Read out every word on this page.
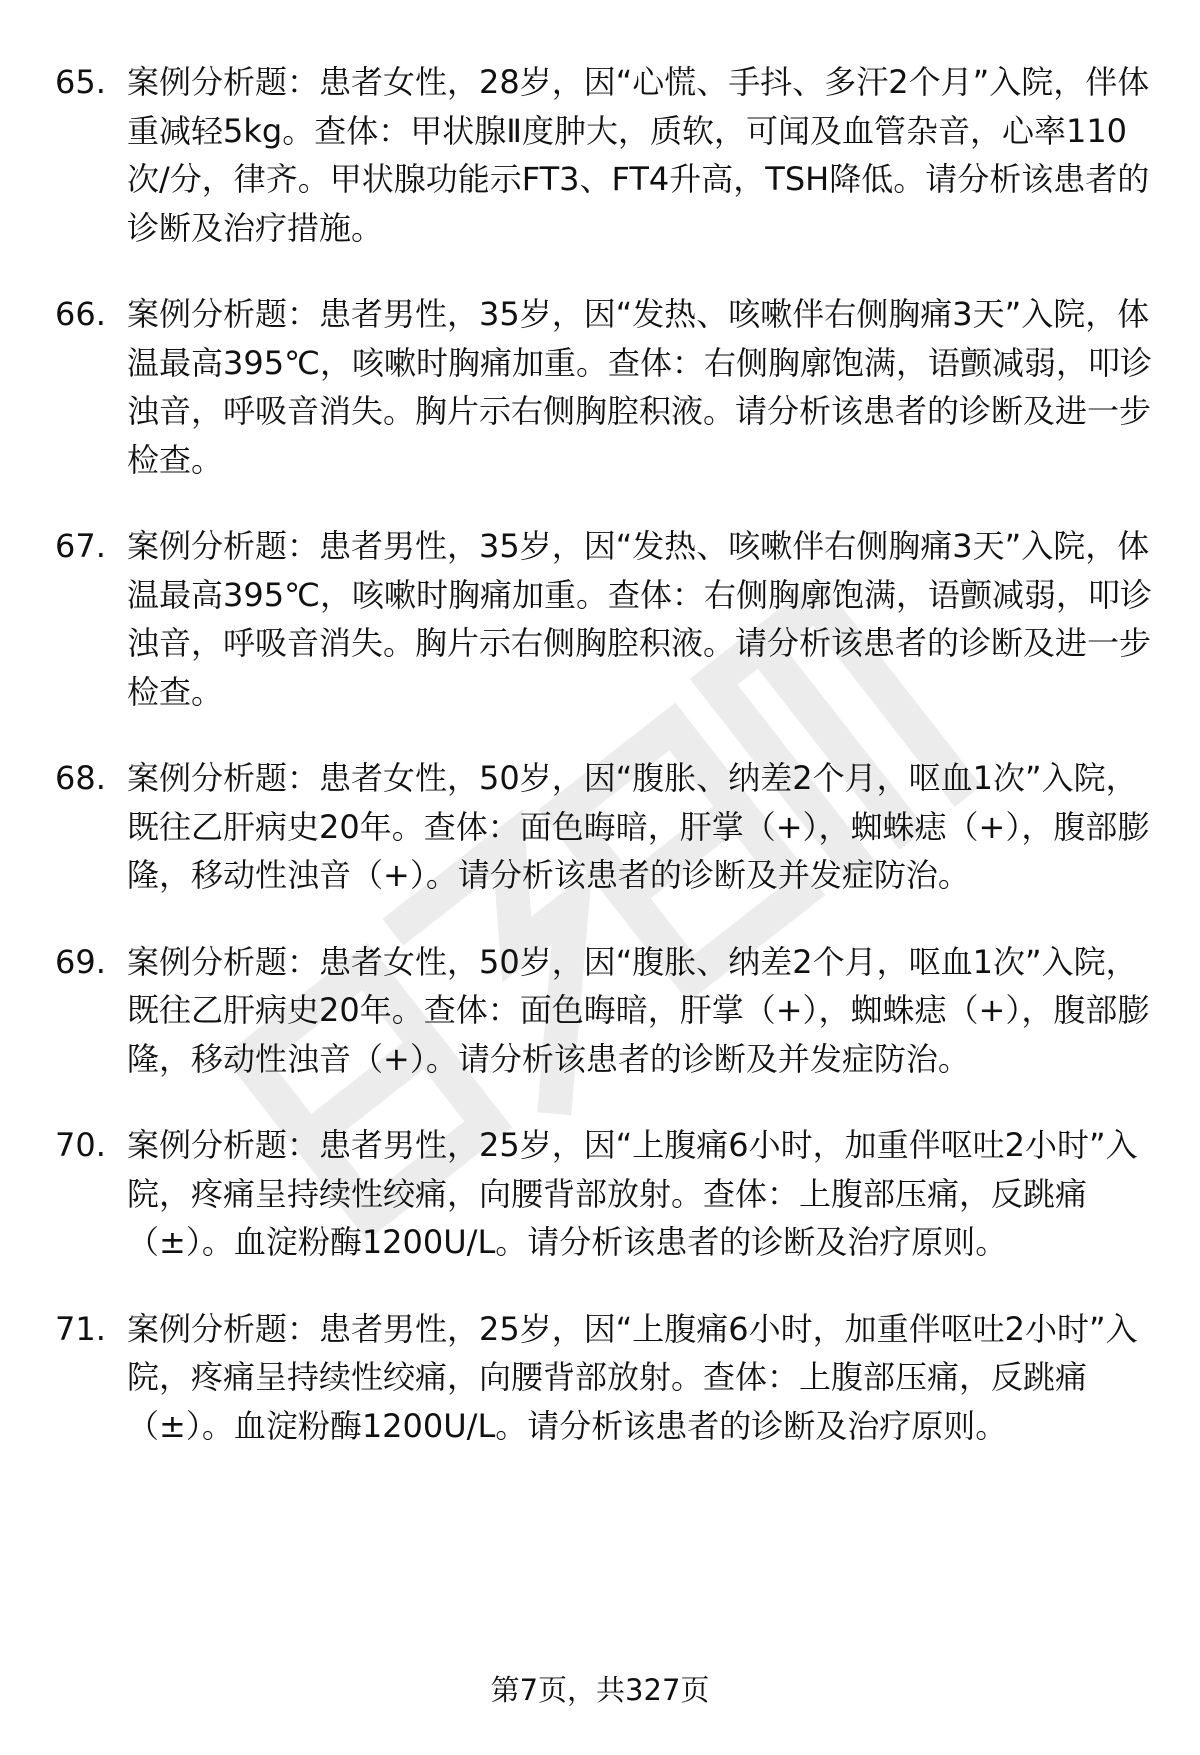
65. 案例分析题：患者女性，28岁，因“心慌、手抖、多汗2个月”入院，伴体重减轻5kg。查体：甲状腺Ⅱ度肿大，质软，可闻及血管杂音，心率110次/分，律齐。甲状腺功能示FT3、FT4升高，TSH降低。请分析该患者的诊断及治疗措施。
66. 案例分析题：患者男性，35岁，因“发热、咳嗽伴右侧胸痛3天”入院，体温最高395℃，咳嗽时胸痛加重。查体：右侧胸廓饱满，语颤减弱，叩诊浊音，呼吸音消失。胸片示右侧胸腔积液。请分析该患者的诊断及进一步检查。
67. 案例分析题：患者男性，35岁，因“发热、咳嗽伴右侧胸痛3天”入院，体温最高395℃，咳嗽时胸痛加重。查体：右侧胸廓饱满，语颤减弱，叩诊浊音，呼吸音消失。胸片示右侧胸腔积液。请分析该患者的诊断及进一步检查。
68. 案例分析题：患者女性，50岁，因“腹胀、纳差2个月，呕血1次”入院，既往乙肝病史20年。查体：面色晦暗，肝掌（+），蜘蛛痣（+），腹部膨隆，移动性浊音（+）。请分析该患者的诊断及并发症防治。
69. 案例分析题：患者女性，50岁，因“腹胀、纳差2个月，呕血1次”入院，既往乙肝病史20年。查体：面色晦暗，肝掌（+），蜘蛛痣（+），腹部膨隆，移动性浊音（+）。请分析该患者的诊断及并发症防治。
70. 案例分析题：患者男性，25岁，因“上腹痛6小时，加重伴呕吐2小时”入院，疼痛呈持续性绞痛，向腰背部放射。查体：上腹部压痛，反跳痛（±）。血淀粉酶1200U/L。请分析该患者的诊断及治疗原则。
71. 案例分析题：患者男性，25岁，因“上腹痛6小时，加重伴呕吐2小时”入院，疼痛呈持续性绞痛，向腰背部放射。查体：上腹部压痛，反跳痛（±）。血淀粉酶1200U/L。请分析该患者的诊断及治疗原则。
第7页，共327页
